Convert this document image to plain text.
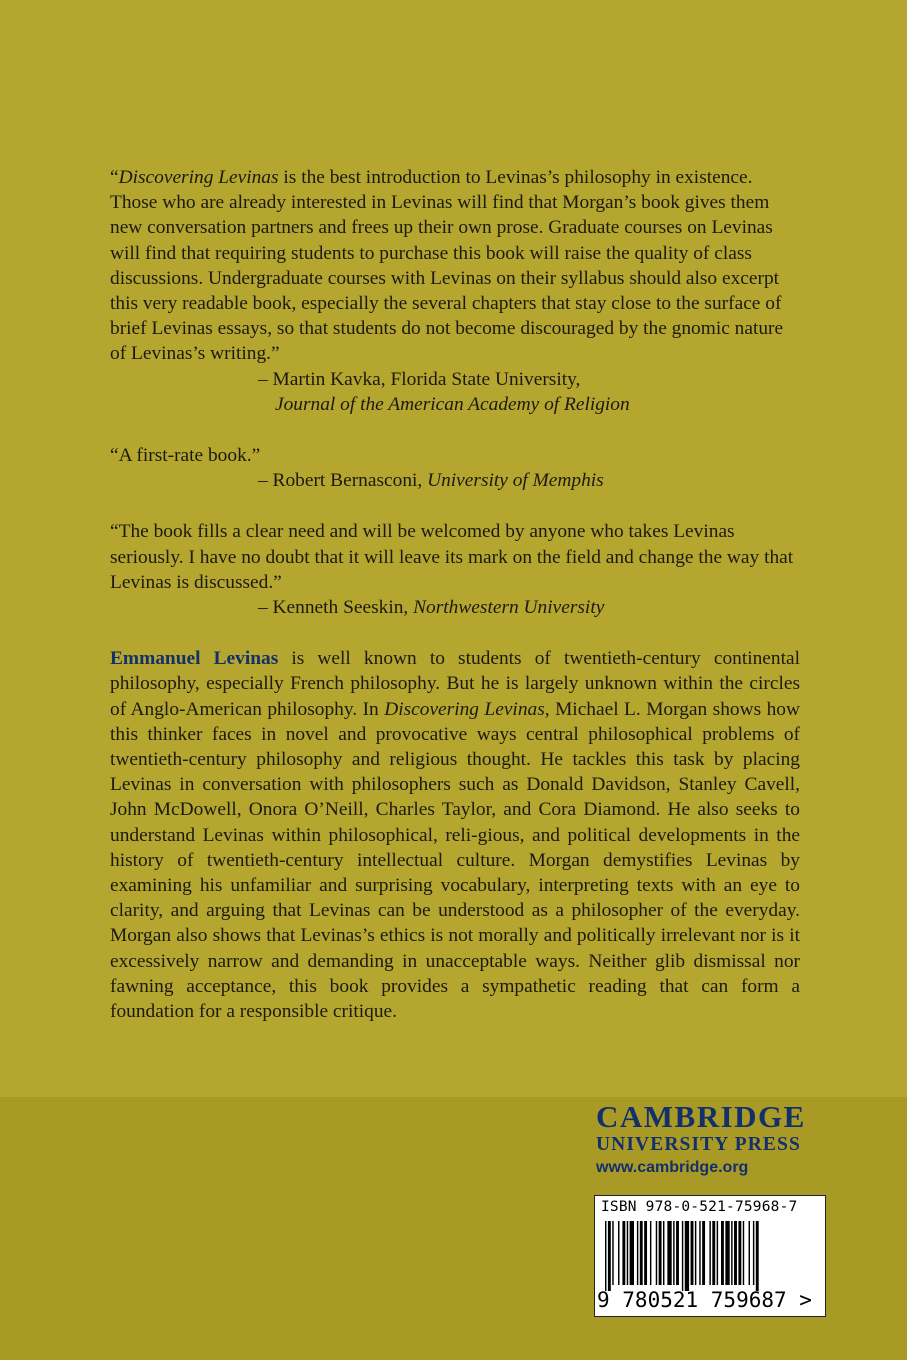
“Discovering Levinas is the best introduction to Levinas’s philosophy in existence. Those who are already interested in Levinas will find that Morgan’s book gives them new conversation partners and frees up their own prose. Graduate courses on Levinas will find that requiring students to purchase this book will raise the quality of class discussions. Undergraduate courses with Levinas on their syllabus should also excerpt this very readable book, especially the several chapters that stay close to the surface of brief Levinas essays, so that students do not become discouraged by the gnomic nature of Levinas’s writing.”

– Martin Kavka, Florida State University,

Journal of the American Academy of Religion

“A first-rate book.”

– Robert Bernasconi, University of Memphis

“The book fills a clear need and will be welcomed by anyone who takes Levinas seriously. I have no doubt that it will leave its mark on the field and change the way that Levinas is discussed.”

– Kenneth Seeskin, Northwestern University

Emmanuel Levinas is well known to students of twentieth-century continental philosophy, especially French philosophy. But he is largely unknown within the circles of Anglo-American philosophy. In Discovering Levinas, Michael L. Morgan shows how this thinker faces in novel and provocative ways central philosophical problems of twentieth-century philosophy and religious thought. He tackles this task by placing Levinas in conversation with philosophers such as Donald Davidson, Stanley Cavell, John McDowell, Onora O’Neill, Charles Taylor, and Cora Diamond. He also seeks to understand Levinas within philosophical, reli-gious, and political developments in the history of twentieth-century intellectual culture. Morgan demystifies Levinas by examining his unfamiliar and surprising vocabulary, interpreting texts with an eye to clarity, and arguing that Levinas can be understood as a philosopher of the everyday. Morgan also shows that Levinas’s ethics is not morally and politically irrelevant nor is it excessively narrow and demanding in unacceptable ways. Neither glib dismissal nor fawning acceptance, this book provides a sympathetic reading that can form a foundation for a responsible critique.

CAMBRIDGE
UNIVERSITY PRESS
www.cambridge.org
ISBN 978-0-521-75968-7
9 780521 759687 >
